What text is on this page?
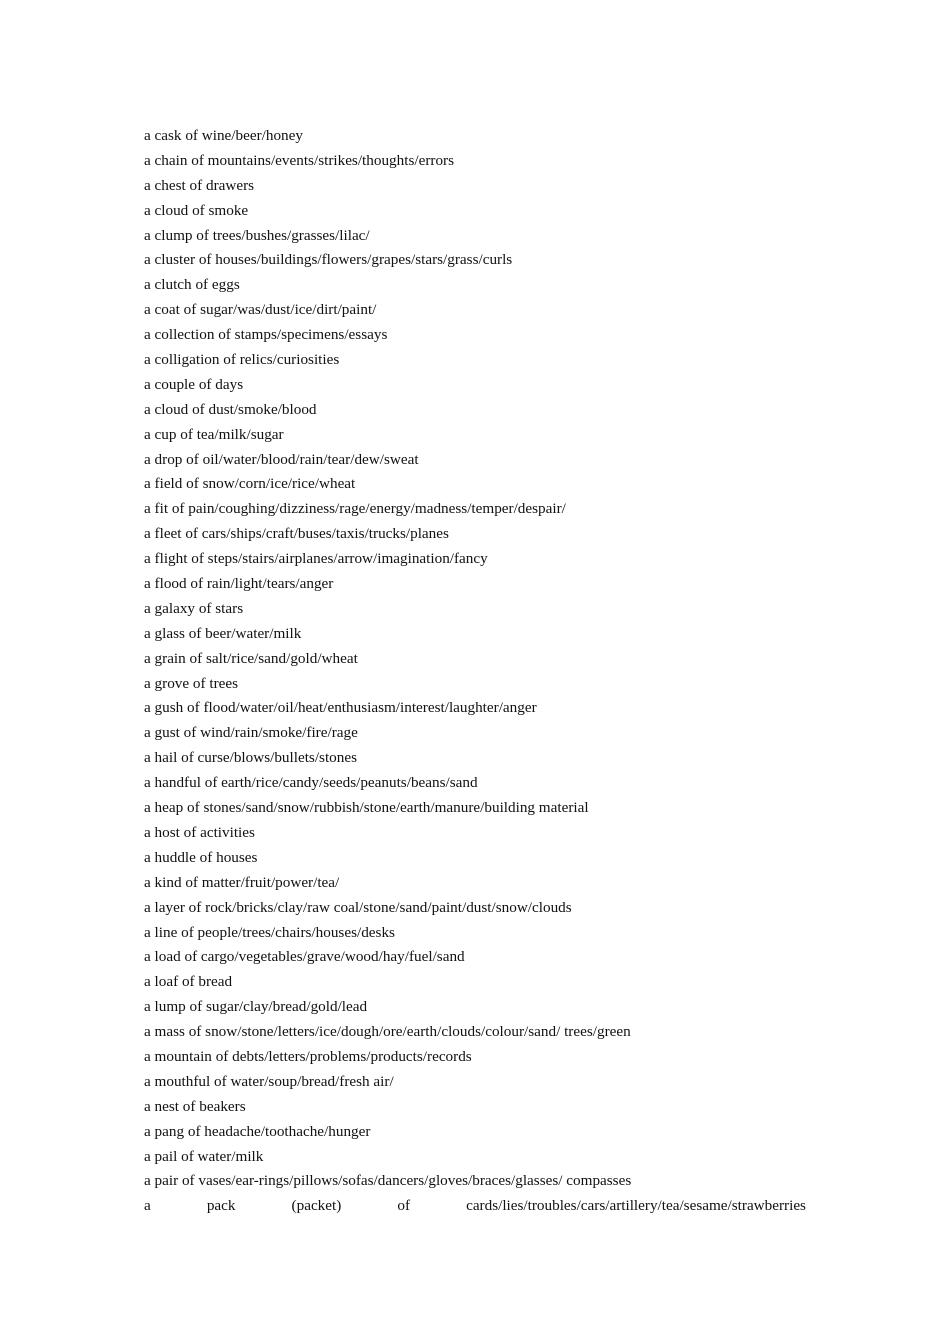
a cask of wine/beer/honey
a chain of mountains/events/strikes/thoughts/errors
a chest of drawers
a cloud of smoke
a clump of trees/bushes/grasses/lilac/
a cluster of houses/buildings/flowers/grapes/stars/grass/curls
a clutch of eggs
a coat of sugar/was/dust/ice/dirt/paint/
a collection of stamps/specimens/essays
a colligation of relics/curiosities
a couple of days
a cloud of dust/smoke/blood
a cup of tea/milk/sugar
a drop of oil/water/blood/rain/tear/dew/sweat
a field of snow/corn/ice/rice/wheat
a fit of pain/coughing/dizziness/rage/energy/madness/temper/despair/
a fleet of cars/ships/craft/buses/taxis/trucks/planes
a flight of steps/stairs/airplanes/arrow/imagination/fancy
a flood of rain/light/tears/anger
a galaxy of stars
a glass of beer/water/milk
a grain of salt/rice/sand/gold/wheat
a grove of trees
a gush of flood/water/oil/heat/enthusiasm/interest/laughter/anger
a gust of wind/rain/smoke/fire/rage
a hail of curse/blows/bullets/stones
a handful of earth/rice/candy/seeds/peanuts/beans/sand
a heap of stones/sand/snow/rubbish/stone/earth/manure/building material
a host of activities
a huddle of houses
a kind of matter/fruit/power/tea/
a layer of rock/bricks/clay/raw coal/stone/sand/paint/dust/snow/clouds
a line of people/trees/chairs/houses/desks
a load of cargo/vegetables/grave/wood/hay/fuel/sand
a loaf of bread
a lump of sugar/clay/bread/gold/lead
a mass of snow/stone/letters/ice/dough/ore/earth/clouds/colour/sand/ trees/green
a mountain of debts/letters/problems/products/records
a mouthful of water/soup/bread/fresh air/
a nest of beakers
a pang of headache/toothache/hunger
a pail of water/milk
a pair of vases/ear-rings/pillows/sofas/dancers/gloves/braces/glasses/ compasses
a	pack	(packet)	of	cards/lies/troubles/cars/artillery/tea/sesame/strawberries
